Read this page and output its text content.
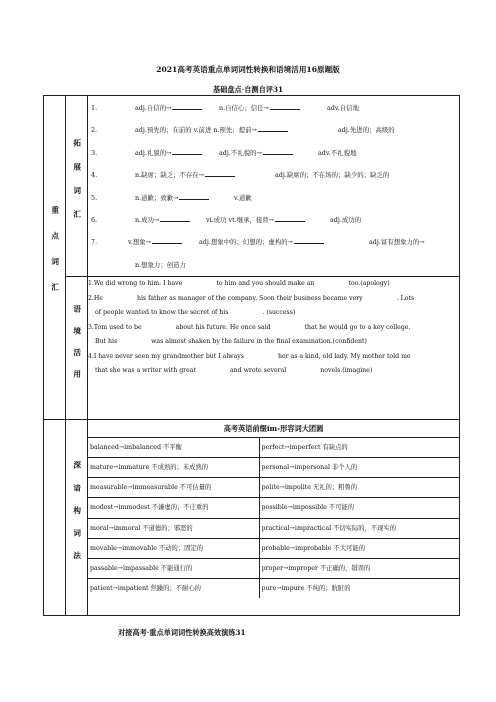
2021高考英语重点单词词性转换和语境活用16原题版
基础盘点·自测自评31
重点词汇	拓展词汇	
1.	adj.自信的→	n.自信心；信任→	adv.自信地
2.	adj.预先的；在前的 v.前进 n.预先；提前→	adj.先进的；高级的
3.	adj.礼貌的→	adj.不礼貌的→	adv.不礼貌地
4.	n.缺席；缺乏；不存在→	adj.缺席的；不在场的；缺少的；缺乏的
5.	n.道歉；致歉→	v.道歉
6.	n.成功→	vi.成功 vt.继承，接替→	adj.成功的
7.	v.想象→	adj.想象中的；幻想的；虚构的→	adj.富有想象力的→
n.想象力；创造力

语境活用	
1.We did wrong to him. I have	to him and you should make an	too.(apology)
2.He	his father as manager of the company. Soon their business became very	. Lots
of people wanted to know the secret of his	. (success)
3.Tom used to be	about his future. He once said	that he would go to a key college.
But his	was almost shaken by the failure in the final examination.(confident)
4.I have never seen my grandmother but I always	her as a kind, old lady. My mother told me
that she was a writer with great	and wrote several	novels.(imagine)

	深谙构词法	
高考英语前缀im-形容词大团圆
balanced→imbalanced 不平衡	perfect→imperfect 有缺点的
mature→immature 不成熟的；未成熟的	personal→impersonal 非个人的
measurable→immeasurable 不可估量的	polite→impolite 无礼的；粗鲁的
modest→immodest 不谦虚的；不庄重的	possible→impossible 不可能的
moral→immoral 不道德的；邪恶的	practical→impractical 不切实际的，不现实的
movable→immovable 不动的；固定的	probable→improbable 不大可能的
passable→impassable 不能通行的	proper→improper 不正确的，错误的
patient→impatient 焦躁的；不耐心的	pure→impure 不纯的；肮脏的
对接高考·重点单词词性转换高效演练31
